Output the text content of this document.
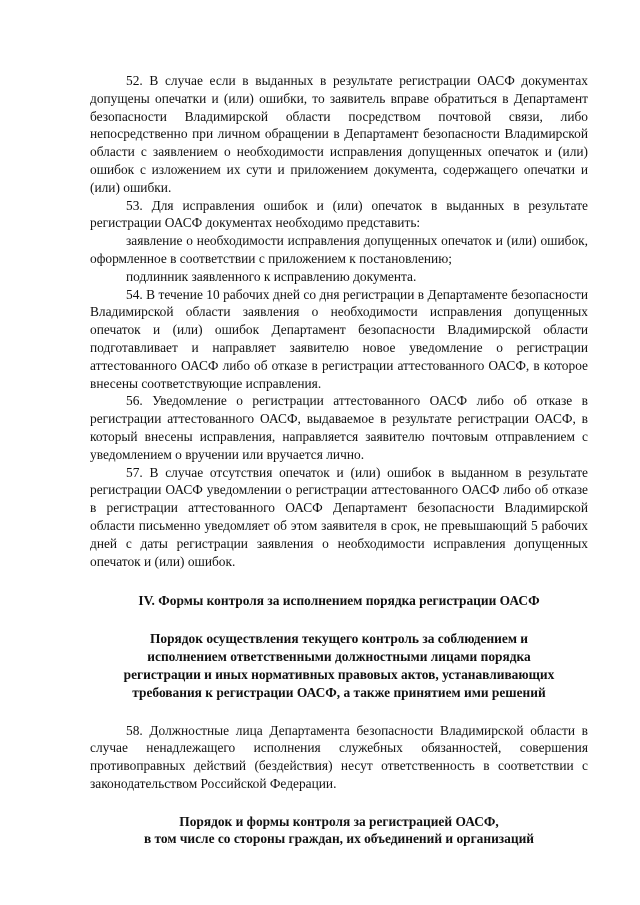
52. В случае если в выданных в результате регистрации ОАСФ документах допущены опечатки и (или) ошибки, то заявитель вправе обратиться в Департамент безопасности Владимирской области посредством почтовой связи, либо непосредственно при личном обращении в Департамент безопасности Владимирской области с заявлением о необходимости исправления допущенных опечаток и (или) ошибок с изложением их сути и приложением документа, содержащего опечатки и (или) ошибки.

53. Для исправления ошибок и (или) опечаток в выданных в результате регистрации ОАСФ документах необходимо представить:

заявление о необходимости исправления допущенных опечаток и (или) ошибок, оформленное в соответствии с приложением к постановлению;

подлинник заявленного к исправлению документа.

54. В течение 10 рабочих дней со дня регистрации в Департаменте безопасности Владимирской области заявления о необходимости исправления допущенных опечаток и (или) ошибок Департамент безопасности Владимирской области подготавливает и направляет заявителю новое уведомление о регистрации аттестованного ОАСФ либо об отказе в регистрации аттестованного ОАСФ, в которое внесены соответствующие исправления.

56. Уведомление о регистрации аттестованного ОАСФ либо об отказе в регистрации аттестованного ОАСФ, выдаваемое в результате регистрации ОАСФ, в который внесены исправления, направляется заявителю почтовым отправлением с уведомлением о вручении или вручается лично.

57. В случае отсутствия опечаток и (или) ошибок в выданном в результате регистрации ОАСФ уведомлении о регистрации аттестованного ОАСФ либо об отказе в регистрации аттестованного ОАСФ Департамент безопасности Владимирской области письменно уведомляет об этом заявителя в срок, не превышающий 5 рабочих дней с даты регистрации заявления о необходимости исправления допущенных опечаток и (или) ошибок.

IV. Формы контроля за исполнением порядка регистрации ОАСФ
Порядок осуществления текущего контроль за соблюдением и
исполнением ответственными должностными лицами порядка
регистрации и иных нормативных правовых актов, устанавливающих
требования к регистрации ОАСФ, а также принятием ими решений

58. Должностные лица Департамента безопасности Владимирской области в случае ненадлежащего исполнения служебных обязанностей, совершения противоправных действий (бездействия) несут ответственность в соответствии с законодательством Российской Федерации.

Порядок и формы контроля за регистрацией ОАСФ,
в том числе со стороны граждан, их объединений и организаций
